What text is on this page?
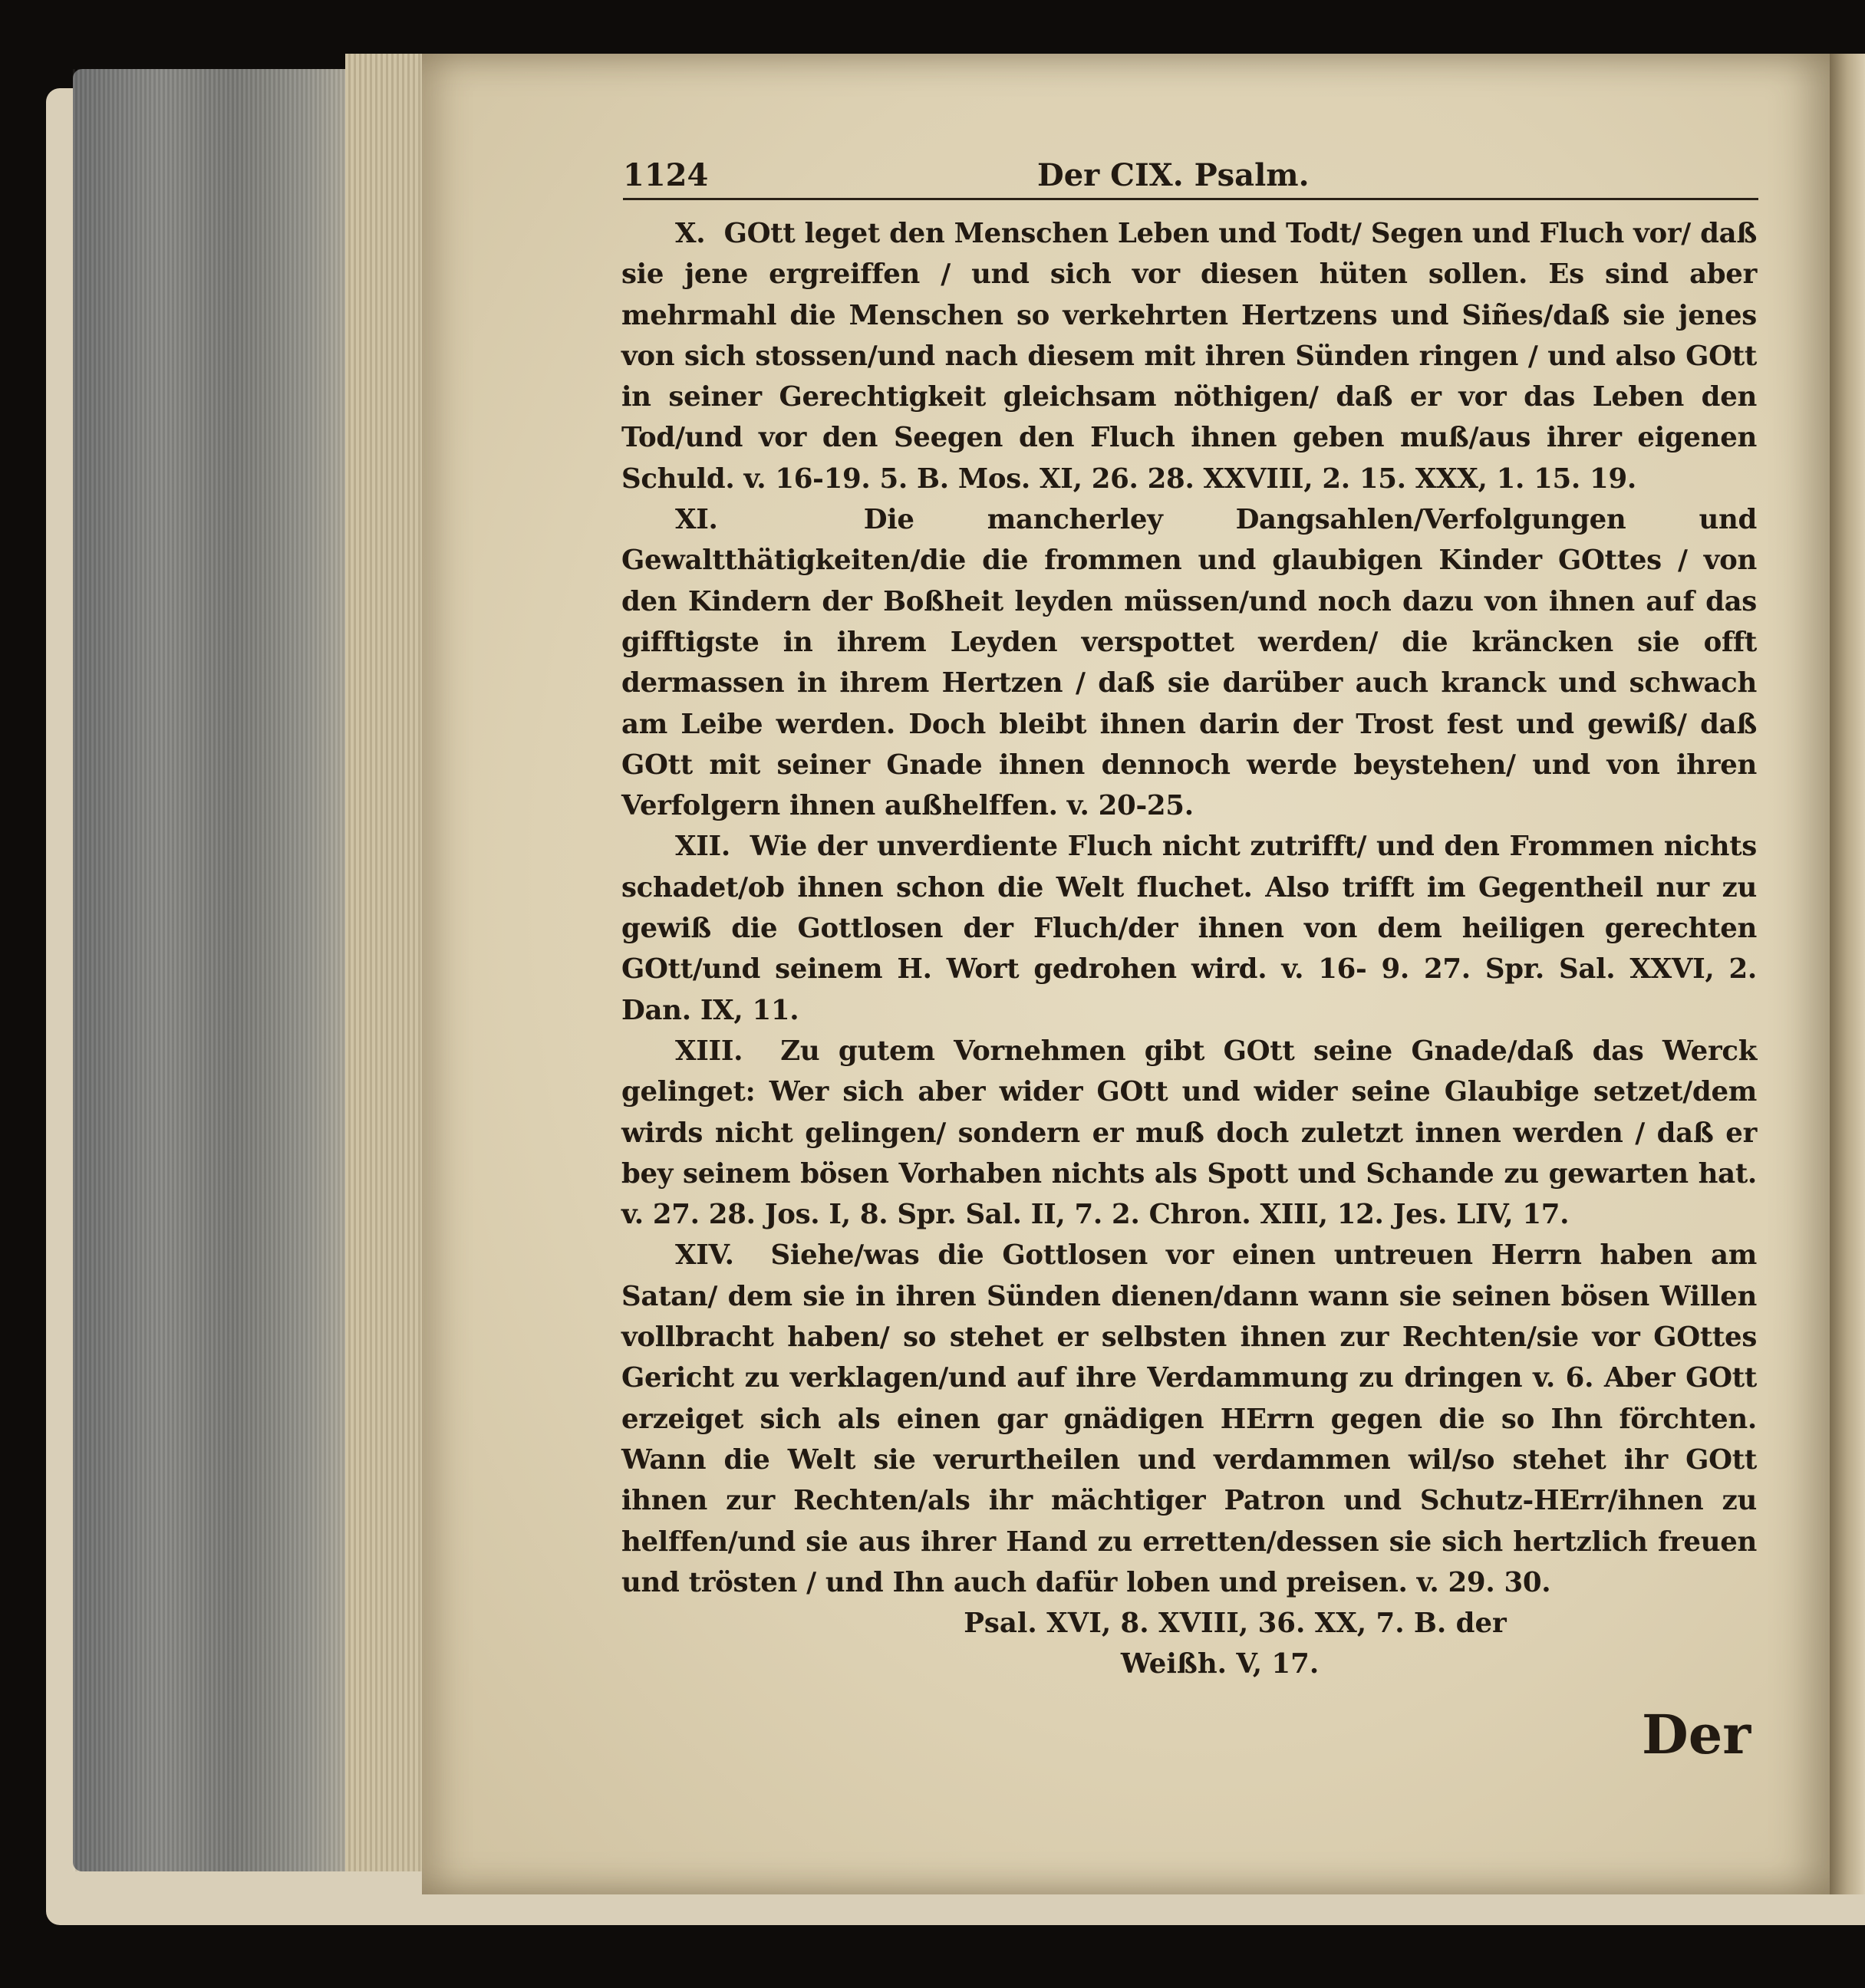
1124	Der CIX. Psalm.

X. GOtt leget den Menschen Leben und Todt/ Segen und Fluch vor/ daß sie jene ergreiffen / und sich vor diesen hüten sollen. Es sind aber mehrmahl die Menschen so verkehrten Hertzens und Siñes/daß sie jenes von sich stossen/und nach diesem mit ihren Sünden ringen / und also GOtt in seiner Gerechtigkeit gleichsam nöthigen/ daß er vor das Leben den Tod/und vor den Seegen den Fluch ihnen geben muß/aus ihrer eigenen Schuld. v. 16-19. 5. B. Mos. XI, 26. 28. XXVIII, 2. 15. XXX, 1. 15. 19.

XI.	Die mancherley Dangsahlen/Verfolgungen und Gewaltthätigkeiten/die die frommen und glaubigen Kinder GOttes / von den Kindern der Boßheit leyden müssen/und noch dazu von ihnen auf das gifftigste in ihrem Leyden verspottet werden/ die kräncken sie offt dermassen in ihrem Hertzen / daß sie darüber auch kranck und schwach am Leibe werden. Doch bleibt ihnen darin der Trost fest und gewiß/ daß GOtt mit seiner Gnade ihnen dennoch werde beystehen/ und von ihren Verfolgern ihnen außhelffen. v. 20-25.

XII. Wie der unverdiente Fluch nicht zutrifft/ und den Frommen nichts schadet/ob ihnen schon die Welt fluchet. Also trifft im Gegentheil nur zu gewiß die Gottlosen der Fluch/der ihnen von dem heiligen gerechten GOtt/und seinem H. Wort gedrohen wird. v. 16- 9. 27. Spr. Sal. XXVI, 2. Dan. IX, 11.

XIII. Zu gutem Vornehmen gibt GOtt seine Gnade/daß das Werck gelinget: Wer sich aber wider GOtt und wider seine Glaubige setzet/dem wirds nicht gelingen/ sondern er muß doch zuletzt innen werden / daß er bey seinem bösen Vorhaben nichts als Spott und Schande zu gewarten hat. v. 27. 28. Jos. I, 8. Spr. Sal. II, 7. 2. Chron. XIII, 12. Jes. LIV, 17.

XIV. Siehe/was die Gottlosen vor einen untreuen Herrn haben am Satan/ dem sie in ihren Sünden dienen/dann wann sie seinen bösen Willen vollbracht haben/ so stehet er selbsten ihnen zur Rechten/sie vor GOttes Gericht zu verklagen/und auf ihre Verdammung zu dringen v. 6. Aber GOtt erzeiget sich als einen gar gnädigen HErrn gegen die so Ihn förchten. Wann die Welt sie verurtheilen und verdammen wil/so stehet ihr GOtt ihnen zur Rechten/als ihr mächtiger Patron und Schutz-HErr/ihnen zu helffen/und sie aus ihrer Hand zu erretten/dessen sie sich hertzlich freuen und trösten / und Ihn auch dafür loben und preisen. v. 29. 30.

Psal. XVI, 8. XVIII, 36. XX, 7. B. der

Weißh. V, 17.

Der
